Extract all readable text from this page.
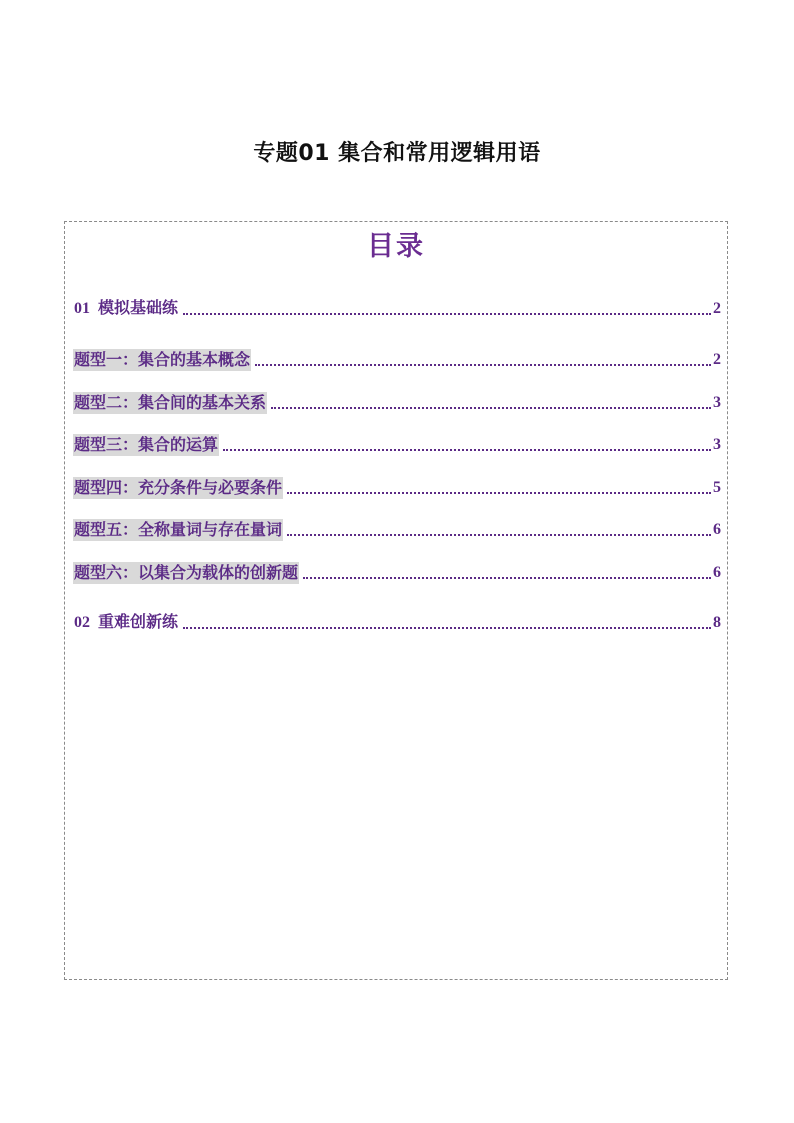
专题01 集合和常用逻辑用语
目录
01 模拟基础练	2
题型一：集合的基本概念	2
题型二：集合间的基本关系	3
题型三：集合的运算	3
题型四：充分条件与必要条件	5
题型五：全称量词与存在量词	6
题型六：以集合为载体的创新题	6
02 重难创新练	8
